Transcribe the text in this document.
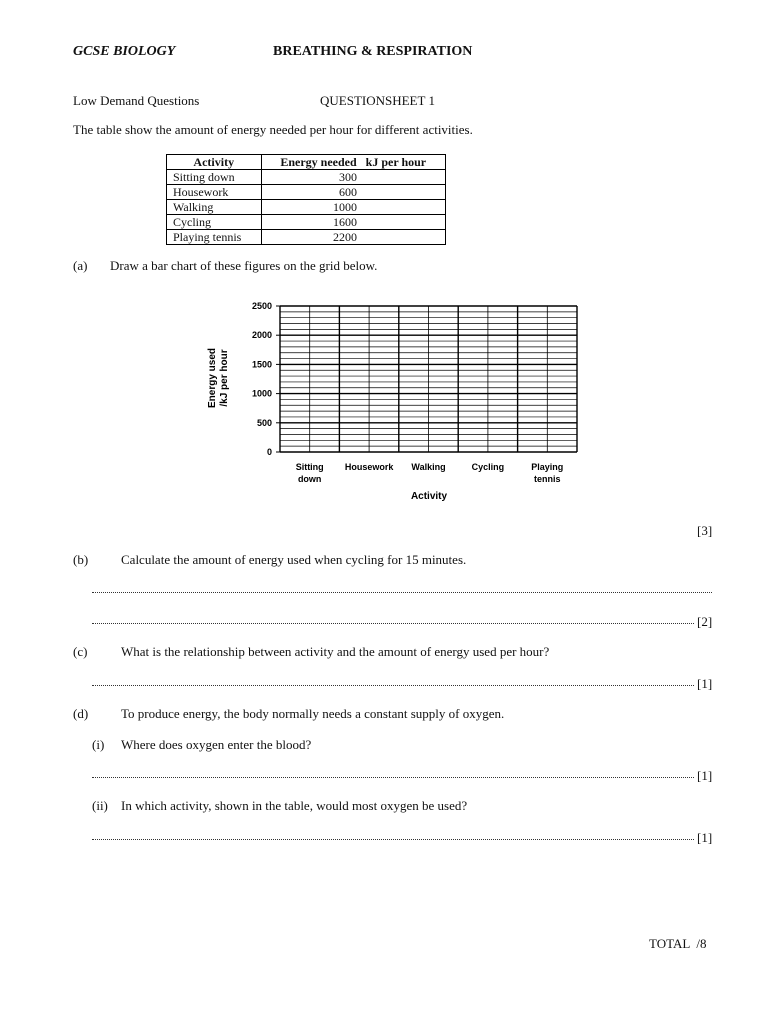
GCSE BIOLOGY	BREATHING & RESPIRATION
Low Demand Questions	QUESTIONSHEET 1
The table show the amount of energy needed per hour for different activities.
Activity	Energy needed   kJ per hour
Sitting down	300
Housework	600
Walking	1000
Cycling	1600
Playing tennis	2200
(a) Draw a bar chart of these figures on the grid below.
0
500
1000
1500
2000
2500
Sitting
down
Housework Walking	Cycling	Playing
tennis
Activity
Energy used /kJ per hour
[3]
(b)	Calculate the amount of energy used when cycling for 15 minutes.
[2]
(c)	What is the relationship between activity and the amount of energy used per hour?
[1]
(d)	To produce energy, the body normally needs a constant supply of oxygen.
(i) Where does oxygen enter the blood?
[1]
(ii) In which activity, shown in the table, would most oxygen be used?
[1]
TOTAL  /8
